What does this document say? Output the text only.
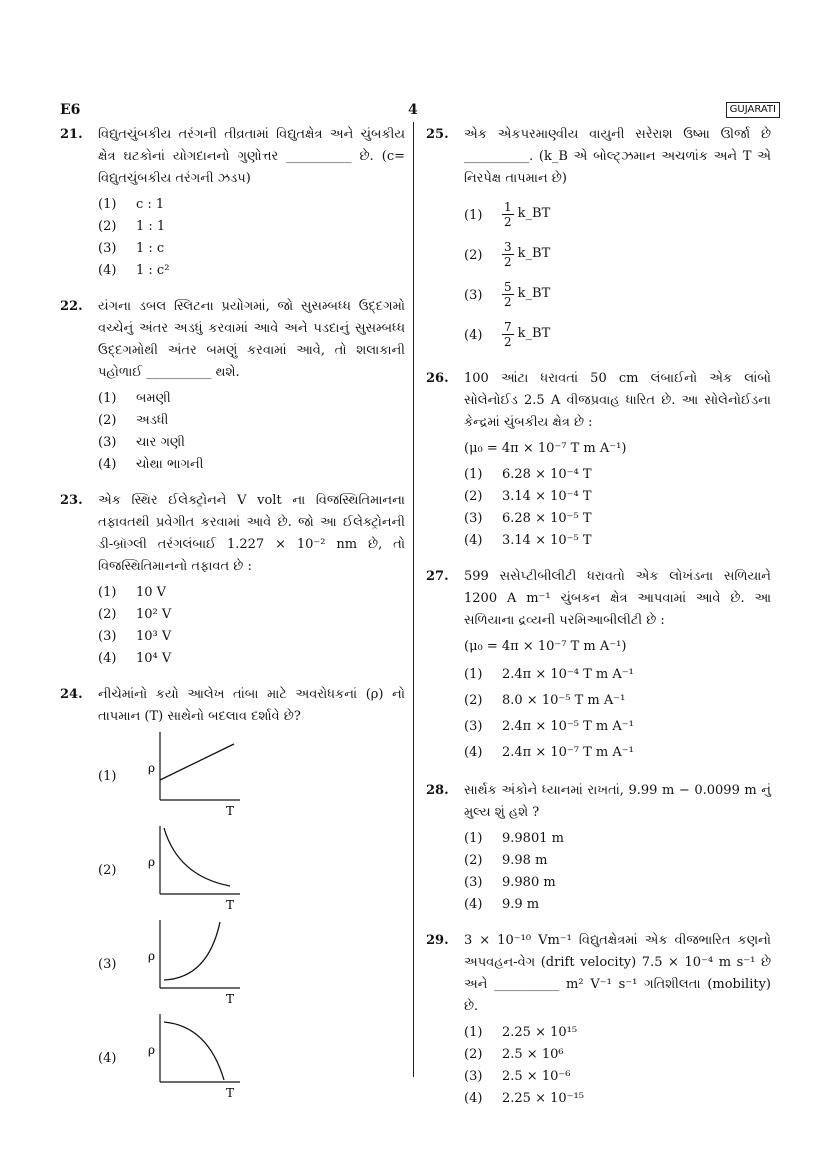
E6	4	GUJARATI
21. વિદ્યુતચુંબકીય તરંગની તીવ્રતામાં વિદ્યુતક્ષેત્ર અને ચુંબકીય ક્ષેત્ર ઘટકોનાં યોગદાનનો ગુણોત્તર __________ છે. (c= વિદ્યુતચુંબકીય તરંગની ઝડપ)
(1) c : 1
(2) 1 : 1
(3) 1 : c
(4) 1 : c²
22. યંગના ડબલ સ્લિટના પ્રયોગમાં, જો સુસમ્બધ્ધ ઉદ્દગમો વચ્ચેનું અંતર અડધું કરવામાં આવે અને પડદાનું સુસમ્બધ્ધ ઉદ્દગમોથી અંતર બમણું કરવામાં આવે, તો શલાકાની પહોળાઈ __________ થશે.
(1) બમણી
(2) અડધી
(3) ચાર ગણી
(4) ચોથા ભાગની
23. એક સ્થિર ઈલેક્ટ્રોનને V volt ના વિજસ્થિતિમાનના તફાવતથી પ્રવેગીત કરવામાં આવે છે. જો આ ઈલેક્ટ્રોનની ડી-બ્રૉગ્લી તરંગલંબાઈ 1.227 × 10⁻² nm છે, તો વિજસ્થિતિમાનનો તફાવત છે :
(1) 10 V
(2) 10² V
(3) 10³ V
(4) 10⁴ V
24. નીચેમાંનો કયો આલેખ તાંબા માટે અવરોધકનાં (ρ) નો તાપમાન (T) સાથેનો બદલાવ દર્શાવે છે?
(1)
ρ
T
(2)
ρ
T
(3)
ρ
T
(4)
ρ
T
25. એક એકપરમાણ્વીય વાયુની સરેરાશ ઉષ્મા ઊર્જા છે __________. (k_B એ બોલ્ટ્ઝમાન અચળાંક અને T એ નિરપેક્ષ તાપમાન છે)
$(1) \frac{1}{2}$ k_BT
$(2) \frac{3}{2}$ k_BT
$(3) \frac{5}{2}$ k_BT
$(4) \frac{7}{2}$ k_BT
26. 100 આંટા ધરાવતાં 50 cm લંબાઈનો એક લાંબો સોલેનોઈડ 2.5 A વીજપ્રવાહ ધારિત છે. આ સોલેનોઈડના કેન્દ્રમાં ચુંબકીય ક્ષેત્ર છે :
(μ₀ = 4π × 10⁻⁷ T m A⁻¹)
(1) 6.28 × 10⁻⁴ T
(2) 3.14 × 10⁻⁴ T
(3) 6.28 × 10⁻⁵ T
(4) 3.14 × 10⁻⁵ T
27. 599 સસેપ્ટીબીલીટી ધરાવતો એક લોખંડના સળિયાને 1200 A m⁻¹ ચુંબકન ક્ષેત્ર આપવામાં આવે છે. આ સળિયાના દ્રવ્યની પરમિઆબીલીટી છે :
(μ₀ = 4π × 10⁻⁷ T m A⁻¹)
(1) 2.4π × 10⁻⁴ T m A⁻¹
(2) 8.0 × 10⁻⁵ T m A⁻¹
(3) 2.4π × 10⁻⁵ T m A⁻¹
(4) 2.4π × 10⁻⁷ T m A⁻¹
28. સાર્થક અંકોને ધ્યાનમાં રાખતાં, 9.99 m − 0.0099 m નું મુલ્ય શું હશે ?
(1) 9.9801 m
(2) 9.98 m
(3) 9.980 m
(4) 9.9 m
29. 3 × 10⁻¹⁰ Vm⁻¹ વિદ્યુતક્ષેત્રમાં એક વીજભારિત કણનો અપવહન-વેગ (drift velocity) 7.5 × 10⁻⁴ m s⁻¹ છે અને __________ m² V⁻¹ s⁻¹ ગતિશીલતા (mobility) છે.
(1) 2.25 × 10¹⁵
(2) 2.5 × 10⁶
(3) 2.5 × 10⁻⁶
(4) 2.25 × 10⁻¹⁵
